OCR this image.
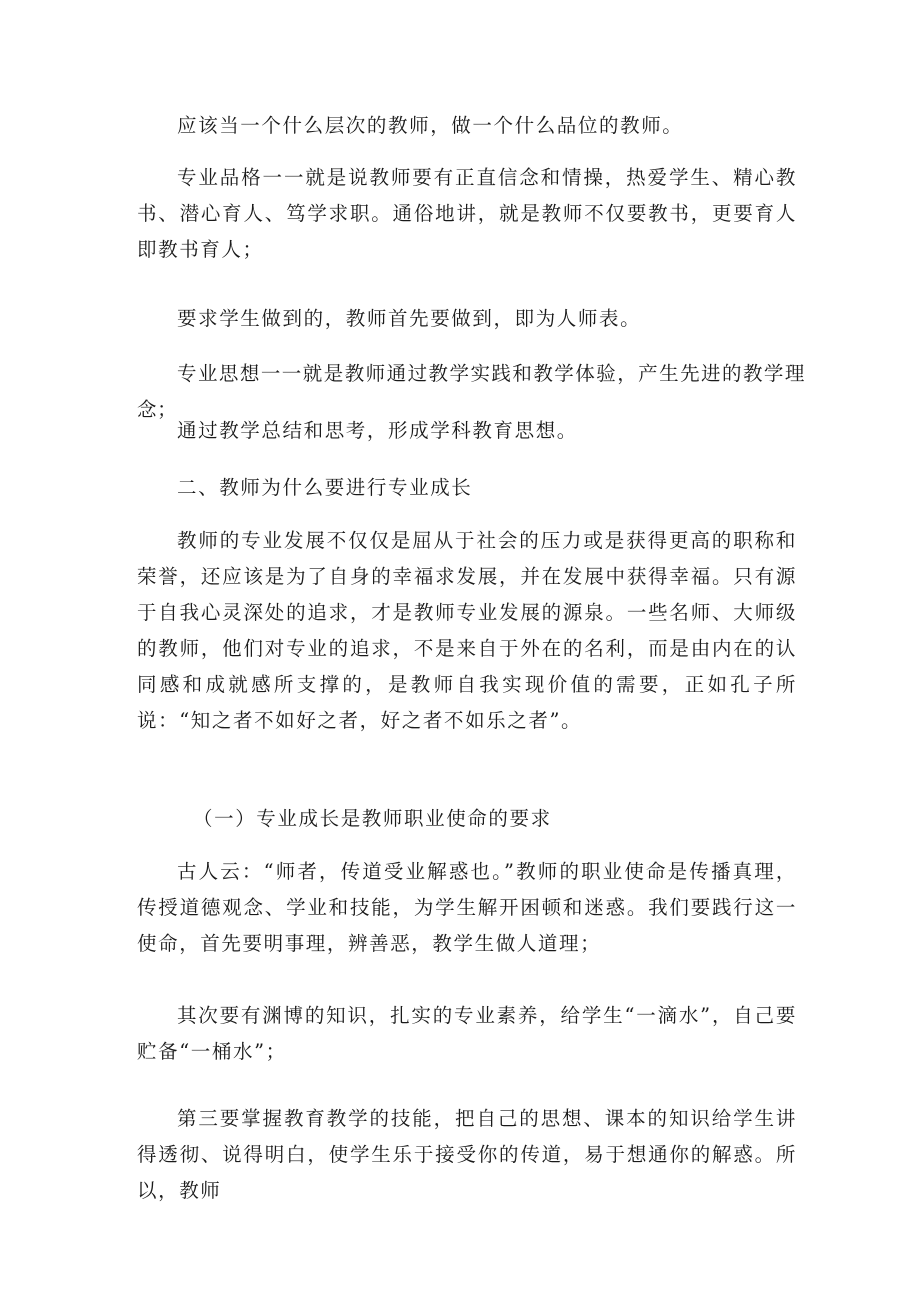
应该当一个什么层次的教师，做一个什么品位的教师。

专业品格一一就是说教师要有正直信念和情操，热爱学生、精心教书、潜心育人、笃学求职。通俗地讲，就是教师不仅要教书，更要育人即教书育人；

要求学生做到的，教师首先要做到，即为人师表。

专业思想一一就是教师通过教学实践和教学体验，产生先进的教学理念；

通过教学总结和思考，形成学科教育思想。

二、教师为什么要进行专业成长

教师的专业发展不仅仅是屈从于社会的压力或是获得更高的职称和荣誉，还应该是为了自身的幸福求发展，并在发展中获得幸福。只有源于自我心灵深处的追求，才是教师专业发展的源泉。一些名师、大师级的教师，他们对专业的追求，不是来自于外在的名利，而是由内在的认同感和成就感所支撑的，是教师自我实现价值的需要，正如孔子所说：“知之者不如好之者，好之者不如乐之者”。

（一）专业成长是教师职业使命的要求

古人云：“师者，传道受业解惑也。”教师的职业使命是传播真理，传授道德观念、学业和技能，为学生解开困顿和迷惑。我们要践行这一使命，首先要明事理，辨善恶，教学生做人道理；

其次要有渊博的知识，扎实的专业素养，给学生“一滴水”，自己要贮备“一桶水”；

第三要掌握教育教学的技能，把自己的思想、课本的知识给学生讲得透彻、说得明白，使学生乐于接受你的传道，易于想通你的解惑。所以，教师
